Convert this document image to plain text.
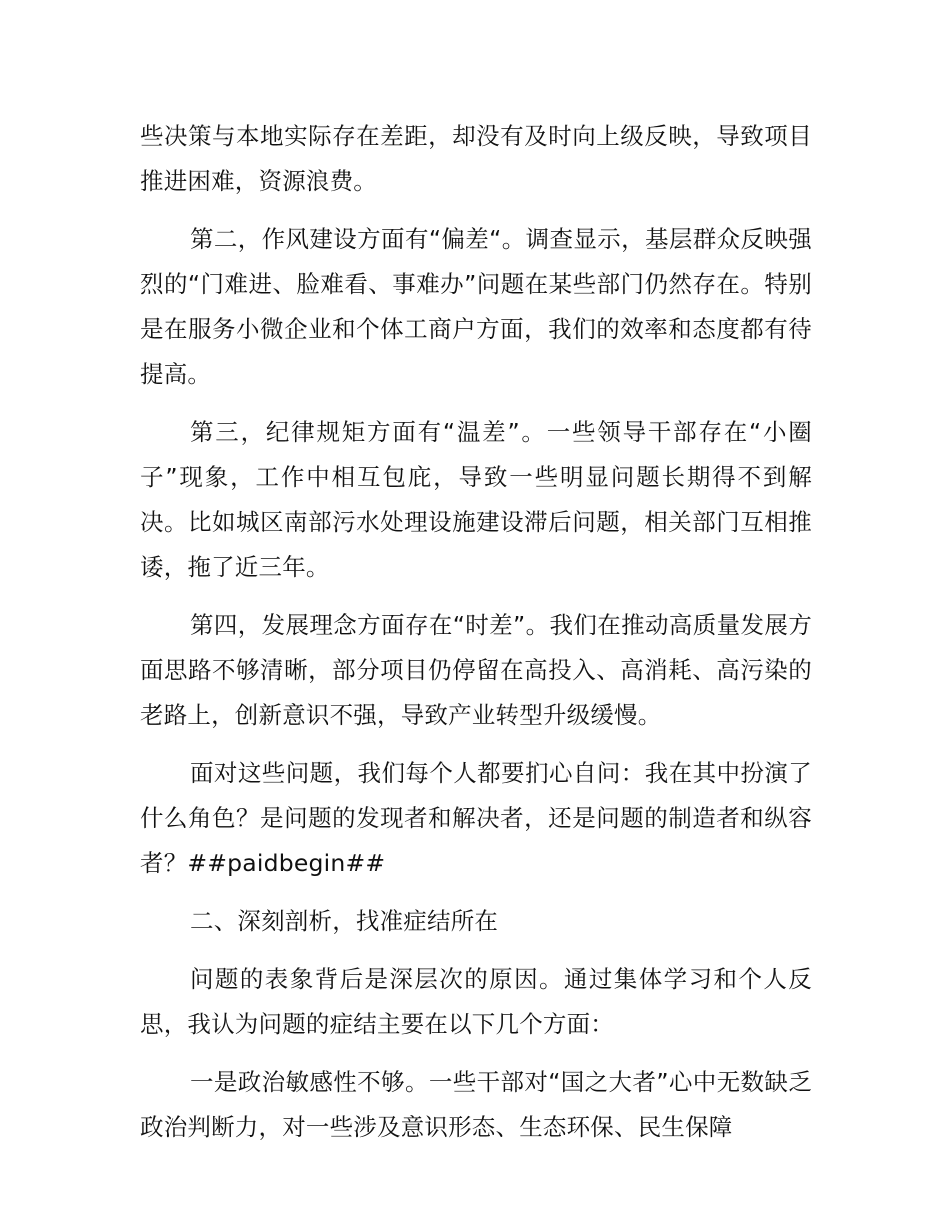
些决策与本地实际存在差距，却没有及时向上级反映，导致项目推进困难，资源浪费。

第二，作风建设方面有“偏差“。调查显示，基层群众反映强烈的“门难进、脸难看、事难办”问题在某些部门仍然存在。特别是在服务小微企业和个体工商户方面，我们的效率和态度都有待提高。

第三，纪律规矩方面有“温差”。一些领导干部存在“小圈子”现象，工作中相互包庇，导致一些明显问题长期得不到解决。比如城区南部污水处理设施建设滞后问题，相关部门互相推诿，拖了近三年。

第四，发展理念方面存在“时差”。我们在推动高质量发展方面思路不够清晰，部分项目仍停留在高投入、高消耗、高污染的老路上，创新意识不强，导致产业转型升级缓慢。

面对这些问题，我们每个人都要扪心自问：我在其中扮演了什么角色？是问题的发现者和解决者，还是问题的制造者和纵容者？##paidbegin##

二、深刻剖析，找准症结所在

问题的表象背后是深层次的原因。通过集体学习和个人反思，我认为问题的症结主要在以下几个方面：

一是政治敏感性不够。一些干部对“国之大者”心中无数缺乏政治判断力，对一些涉及意识形态、生态环保、民生保障
